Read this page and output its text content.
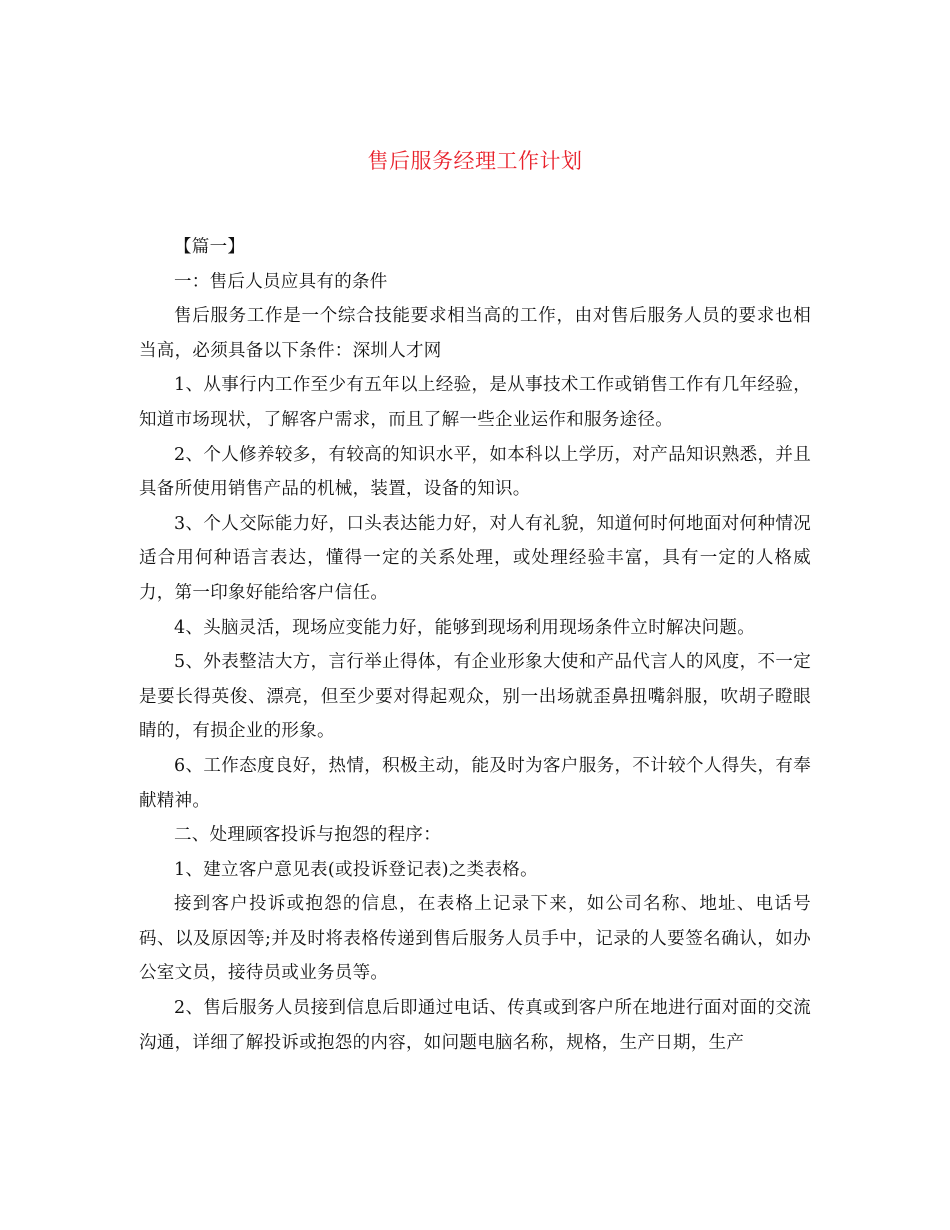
售后服务经理工作计划

【篇一】

一：售后人员应具有的条件

售后服务工作是一个综合技能要求相当高的工作，由对售后服务人员的要求也相当高，必须具备以下条件：深圳人才网

1、从事行内工作至少有五年以上经验，是从事技术工作或销售工作有几年经验，知道市场现状，了解客户需求，而且了解一些企业运作和服务途径。

2、个人修养较多，有较高的知识水平，如本科以上学历，对产品知识熟悉，并且具备所使用销售产品的机械，装置，设备的知识。

3、个人交际能力好，口头表达能力好，对人有礼貌，知道何时何地面对何种情况适合用何种语言表达，懂得一定的关系处理，或处理经验丰富，具有一定的人格威力，第一印象好能给客户信任。

4、头脑灵活，现场应变能力好，能够到现场利用现场条件立时解决问题。

5、外表整洁大方，言行举止得体，有企业形象大使和产品代言人的风度，不一定是要长得英俊、漂亮，但至少要对得起观众，别一出场就歪鼻扭嘴斜服，吹胡子瞪眼睛的，有损企业的形象。

6、工作态度良好，热情，积极主动，能及时为客户服务，不计较个人得失，有奉献精神。

二、处理顾客投诉与抱怨的程序：

1、建立客户意见表(或投诉登记表)之类表格。

接到客户投诉或抱怨的信息，在表格上记录下来，如公司名称、地址、电话号码、以及原因等;并及时将表格传递到售后服务人员手中，记录的人要签名确认，如办公室文员，接待员或业务员等。

2、售后服务人员接到信息后即通过电话、传真或到客户所在地进行面对面的交流沟通，详细了解投诉或抱怨的内容，如问题电脑名称，规格，生产日期，生产
